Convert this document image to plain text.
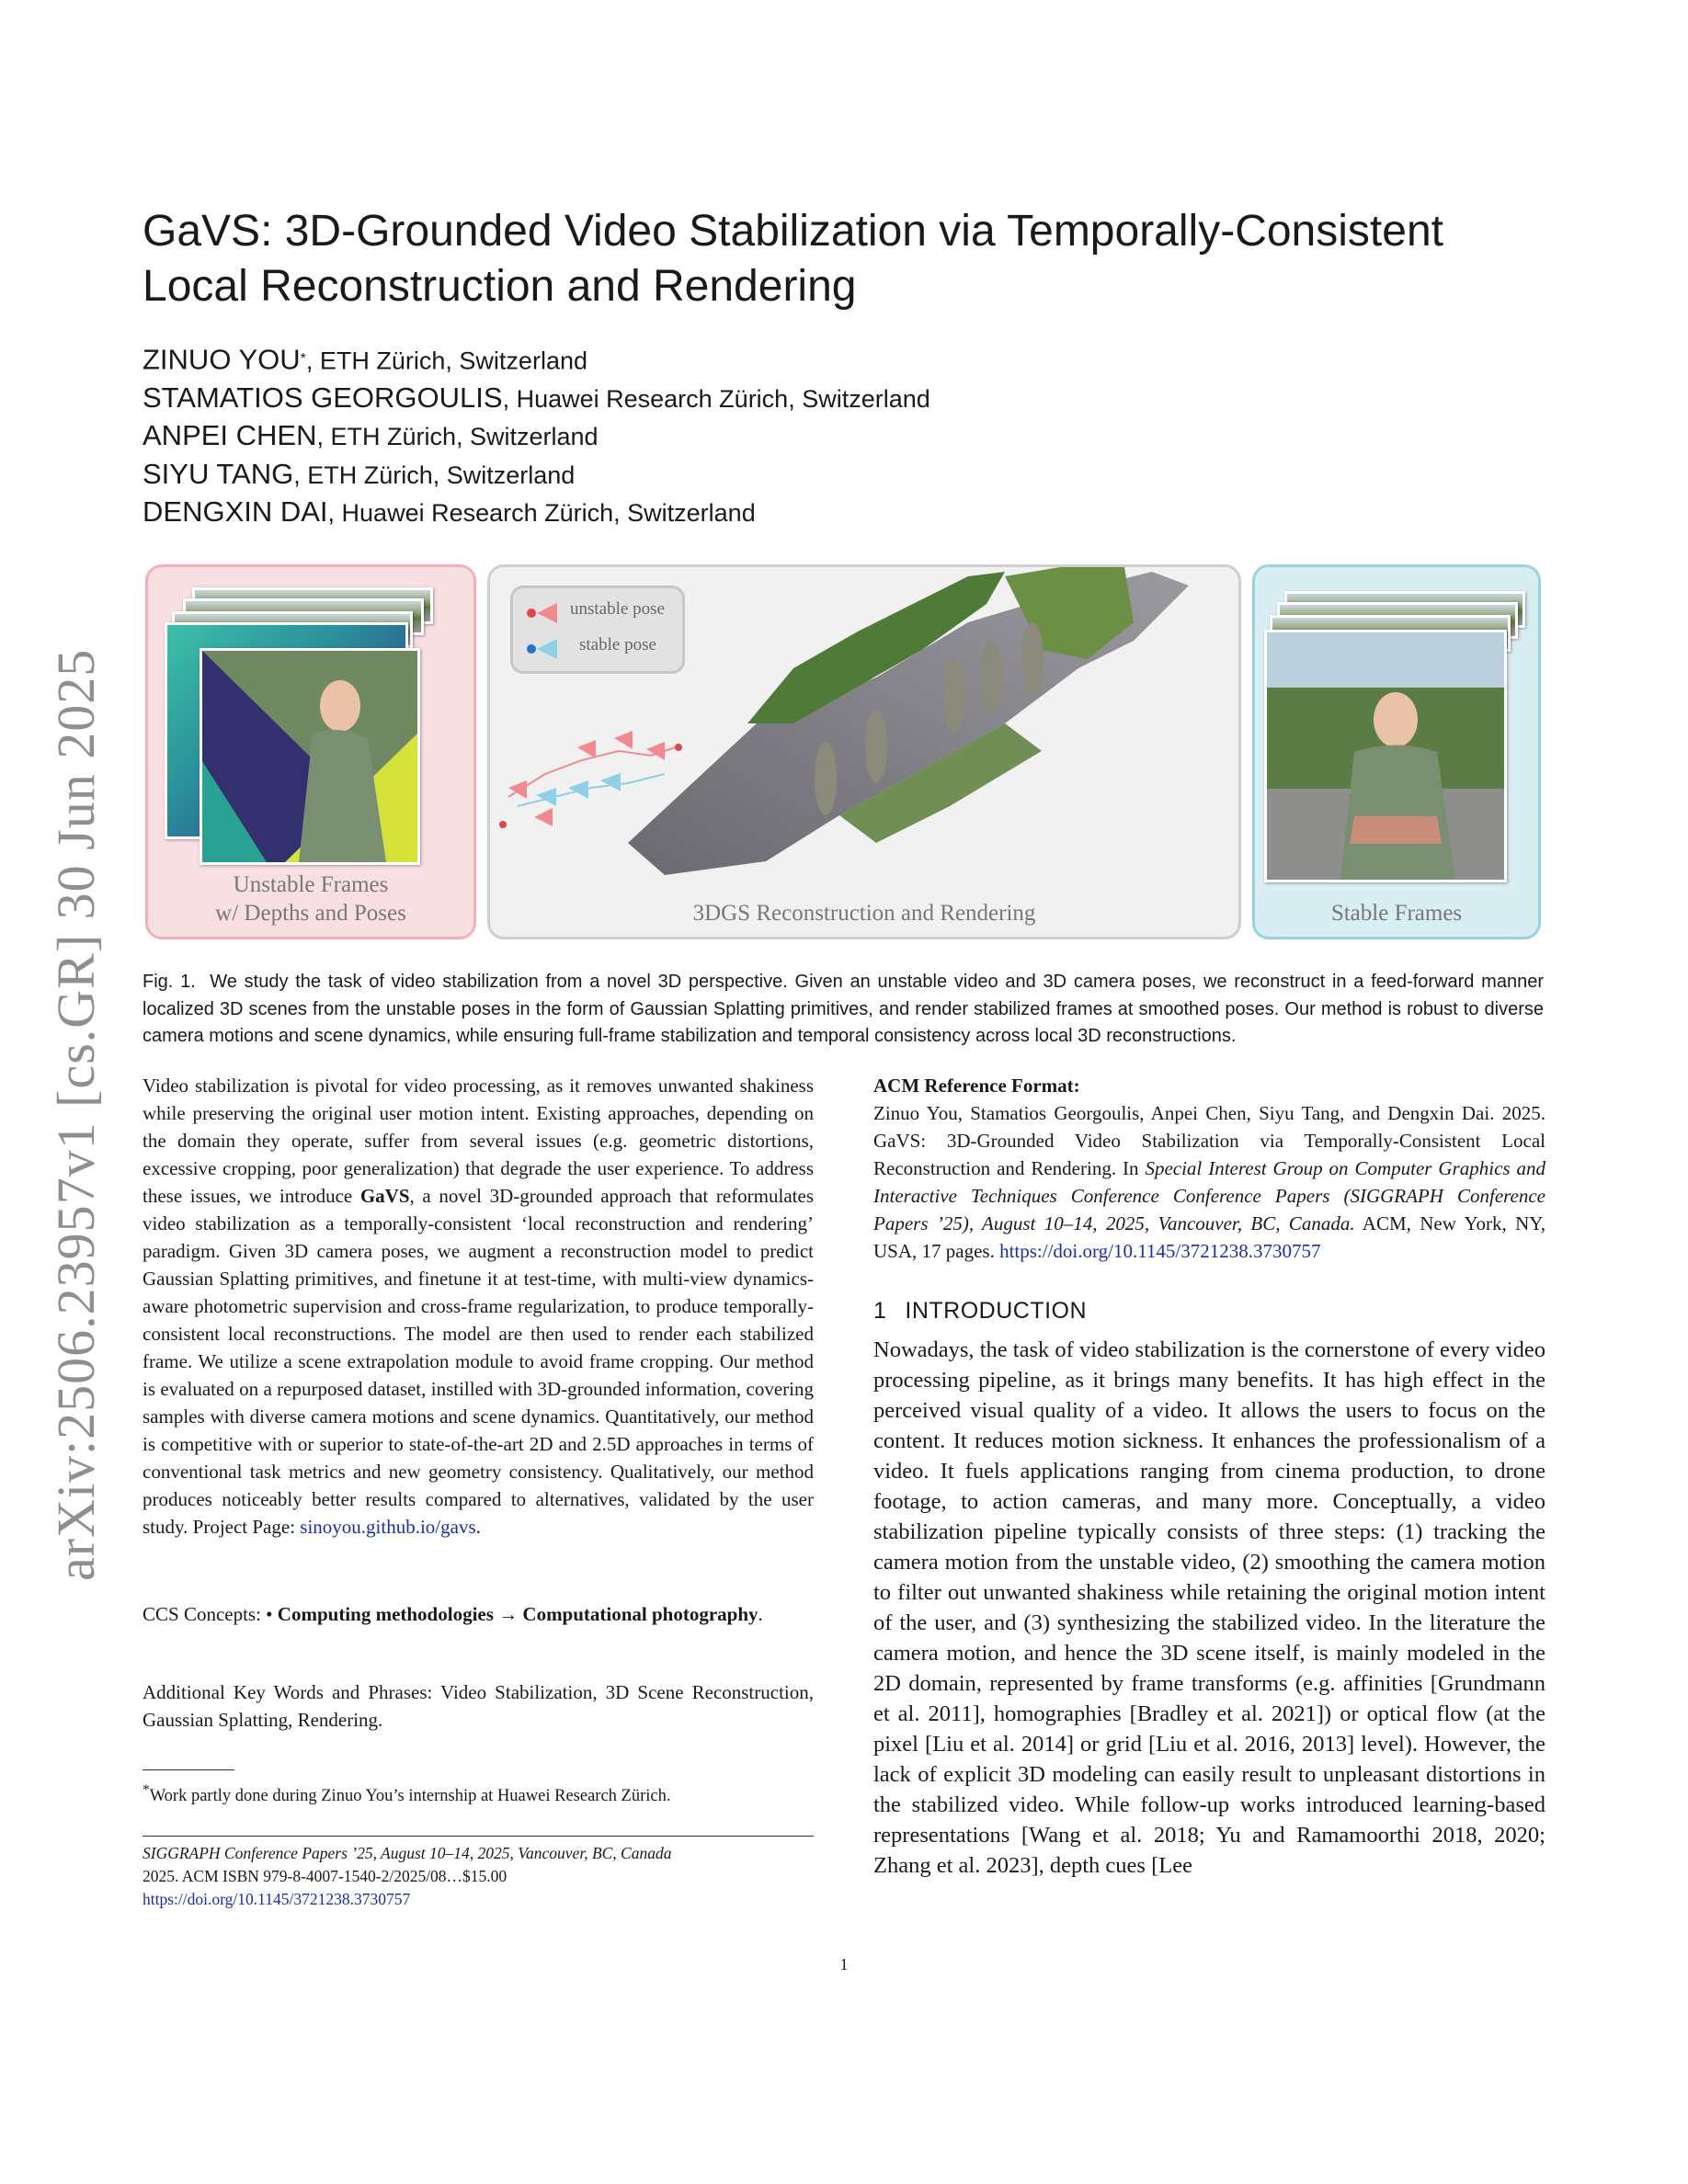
arXiv:2506.23957v1 [cs.GR] 30 Jun 2025
GaVS: 3D-Grounded Video Stabilization via Temporally-Consistent Local Reconstruction and Rendering
ZINUO YOU*, ETH Zürich, Switzerland
STAMATIOS GEORGOULIS, Huawei Research Zürich, Switzerland
ANPEI CHEN, ETH Zürich, Switzerland
SIYU TANG, ETH Zürich, Switzerland
DENGXIN DAI, Huawei Research Zürich, Switzerland
Unstable Frames
w/ Depths and Poses
unstable pose
stable pose
3DGS Reconstruction and Rendering	Stable Frames

Fig. 1. We study the task of video stabilization from a novel 3D perspective. Given an unstable video and 3D camera poses, we reconstruct in a feed-forward manner localized 3D scenes from the unstable poses in the form of Gaussian Splatting primitives, and render stabilized frames at smoothed poses. Our method is robust to diverse camera motions and scene dynamics, while ensuring full-frame stabilization and temporal consistency across local 3D reconstructions.

Video stabilization is pivotal for video processing, as it removes unwanted shakiness while preserving the original user motion intent. Existing approaches, depending on the domain they operate, suffer from several issues (e.g. geometric distortions, excessive cropping, poor generalization) that degrade the user experience. To address these issues, we introduce GaVS, a novel 3D-grounded approach that reformulates video stabilization as a temporally-consistent ‘local reconstruction and rendering’ paradigm. Given 3D camera poses, we augment a reconstruction model to predict Gaussian Splatting primitives, and finetune it at test-time, with multi-view dynamics-aware photometric supervision and cross-frame regularization, to produce temporally-consistent local reconstructions. The model are then used to render each stabilized frame. We utilize a scene extrapolation module to avoid frame cropping. Our method is evaluated on a repurposed dataset, instilled with 3D-grounded information, covering samples with diverse camera motions and scene dynamics. Quantitatively, our method is competitive with or superior to state-of-the-art 2D and 2.5D approaches in terms of conventional task metrics and new geometry consistency. Qualitatively, our method produces noticeably better results compared to alternatives, validated by the user study. Project Page: sinoyou.github.io/gavs.

CCS Concepts: • Computing methodologies → Computational photography.

Additional Key Words and Phrases: Video Stabilization, 3D Scene Reconstruction, Gaussian Splatting, Rendering.

*Work partly done during Zinuo You’s internship at Huawei Research Zürich.

SIGGRAPH Conference Papers ’25, August 10–14, 2025, Vancouver, BC, Canada
2025. ACM ISBN 979-8-4007-1540-2/2025/08…$15.00
https://doi.org/10.1145/3721238.3730757
ACM Reference Format:

Zinuo You, Stamatios Georgoulis, Anpei Chen, Siyu Tang, and Dengxin Dai. 2025. GaVS: 3D-Grounded Video Stabilization via Temporally-Consistent Local Reconstruction and Rendering. In Special Interest Group on Computer Graphics and Interactive Techniques Conference Conference Papers (SIGGRAPH Conference Papers ’25), August 10–14, 2025, Vancouver, BC, Canada. ACM, New York, NY, USA, 17 pages. https://doi.org/10.1145/3721238.3730757

1 INTRODUCTION

Nowadays, the task of video stabilization is the cornerstone of every video processing pipeline, as it brings many benefits. It has high effect in the perceived visual quality of a video. It allows the users to focus on the content. It reduces motion sickness. It enhances the professionalism of a video. It fuels applications ranging from cinema production, to drone footage, to action cameras, and many more. Conceptually, a video stabilization pipeline typically consists of three steps: (1) tracking the camera motion from the unstable video, (2) smoothing the camera motion to filter out unwanted shakiness while retaining the original motion intent of the user, and (3) synthesizing the stabilized video. In the literature the camera motion, and hence the 3D scene itself, is mainly modeled in the 2D domain, represented by frame transforms (e.g. affinities [Grundmann et al. 2011], homographies [Bradley et al. 2021]) or optical flow (at the pixel [Liu et al. 2014] or grid [Liu et al. 2016, 2013] level). However, the lack of explicit 3D modeling can easily result to unpleasant distortions in the stabilized video. While follow-up works introduced learning-based representations [Wang et al. 2018; Yu and Ramamoorthi 2018, 2020; Zhang et al. 2023], depth cues [Lee

1
